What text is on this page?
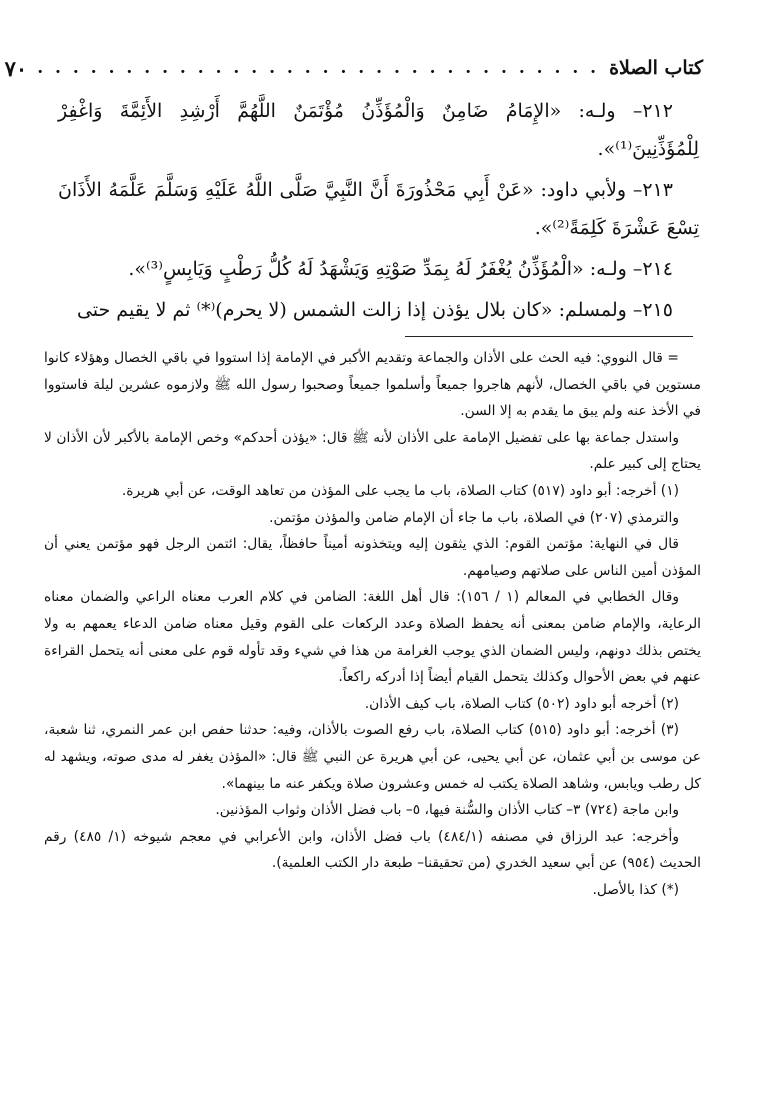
كتاب الصلاة
. . . . . . . . . . . . . . . . . . . . . . . . . . . . . . . .
٧٠

٢١٢– ولـه: «الإِمَامُ ضَامِنٌ وَالْمُؤَذِّنُ مُؤْتَمَنٌ اللَّهُمَّ أَرْشِدِ الأَئِمَّةَ وَاغْفِرْ لِلْمُؤَذِّنِينَ⁽¹⁾».

٢١٣– ولأبي داود: «عَنْ أَبِي مَحْذُورَةَ أَنَّ النَّبِيَّ صَلَّى اللَّهُ عَلَيْهِ وَسَلَّمَ عَلَّمَهُ الأَذَانَ تِسْعَ عَشْرَةَ كَلِمَةً⁽²⁾».

٢١٤– ولـه: «الْمُؤَذِّنُ يُغْفَرُ لَهُ بِمَدِّ صَوْتِهِ وَيَشْهَدُ لَهُ كُلُّ رَطْبٍ وَيَابِسٍ⁽³⁾».

٢١٥– ولمسلم: «كان بلال يؤذن إذا زالت الشمس (لا يحرم)⁽*⁾ ثم لا يقيم حتى

= قال النووي: فيه الحث على الأذان والجماعة وتقديم الأكبر في الإمامة إذا استووا في باقي الخصال وهؤلاء كانوا مستوين في باقي الخصال، لأنهم هاجروا جميعاً وأسلموا جميعاً وصحبوا رسول الله ﷺ ولازموه عشرين ليلة فاستووا في الأخذ عنه ولم يبق ما يقدم به إلا السن.

واستدل جماعة بها على تفضيل الإمامة على الأذان لأنه ﷺ قال: «يؤذن أحدكم» وخص الإمامة بالأكبر لأن الأذان لا يحتاج إلى كبير علم.

(١) أخرجه: أبو داود (٥١٧) كتاب الصلاة، باب ما يجب على المؤذن من تعاهد الوقت، عن أبي هريرة.

والترمذي (٢٠٧) في الصلاة، باب ما جاء أن الإمام ضامن والمؤذن مؤتمن.

قال في النهاية: مؤتمن القوم: الذي يثقون إليه ويتخذونه أميناً حافظاً، يقال: ائتمن الرجل فهو مؤتمن يعني أن المؤذن أمين الناس على صلاتهم وصيامهم.

وقال الخطابي في المعالم (١ / ١٥٦): قال أهل اللغة: الضامن في كلام العرب معناه الراعي والضمان معناه الرعاية، والإمام ضامن بمعنى أنه يحفظ الصلاة وعدد الركعات على القوم وقيل معناه ضامن الدعاء يعمهم به ولا يختص بذلك دونهم، وليس الضمان الذي يوجب الغرامة من هذا في شيء وقد تأوله قوم على معنى أنه يتحمل القراءة عنهم في بعض الأحوال وكذلك يتحمل القيام أيضاً إذا أدركه راكعاً.

(٢) أخرجه أبو داود (٥٠٢) كتاب الصلاة، باب كيف الأذان.

(٣) أخرجه: أبو داود (٥١٥) كتاب الصلاة، باب رفع الصوت بالأذان، وفيه: حدثنا حفص ابن عمر النمري، ثنا شعبة، عن موسى بن أبي عثمان، عن أبي يحيى، عن أبي هريرة عن النبي ﷺ قال: «المؤذن يغفر له مدى صوته، ويشهد له كل رطب ويابس، وشاهد الصلاة يكتب له خمس وعشرون صلاة ويكفر عنه ما بينهما».

وابن ماجة (٧٢٤) ٣– كتاب الأذان والسُّنة فيها، ٥– باب فضل الأذان وثواب المؤذنين.

وأخرجه: عبد الرزاق في مصنفه (٤٨٤/١) باب فضل الأذان، وابن الأعرابي في معجم شيوخه (١/ ٤٨٥) رقم الحديث (٩٥٤) عن أبي سعيد الخدري (من تحقيقنا– طبعة دار الكتب العلمية).

(*) كذا بالأصل.
